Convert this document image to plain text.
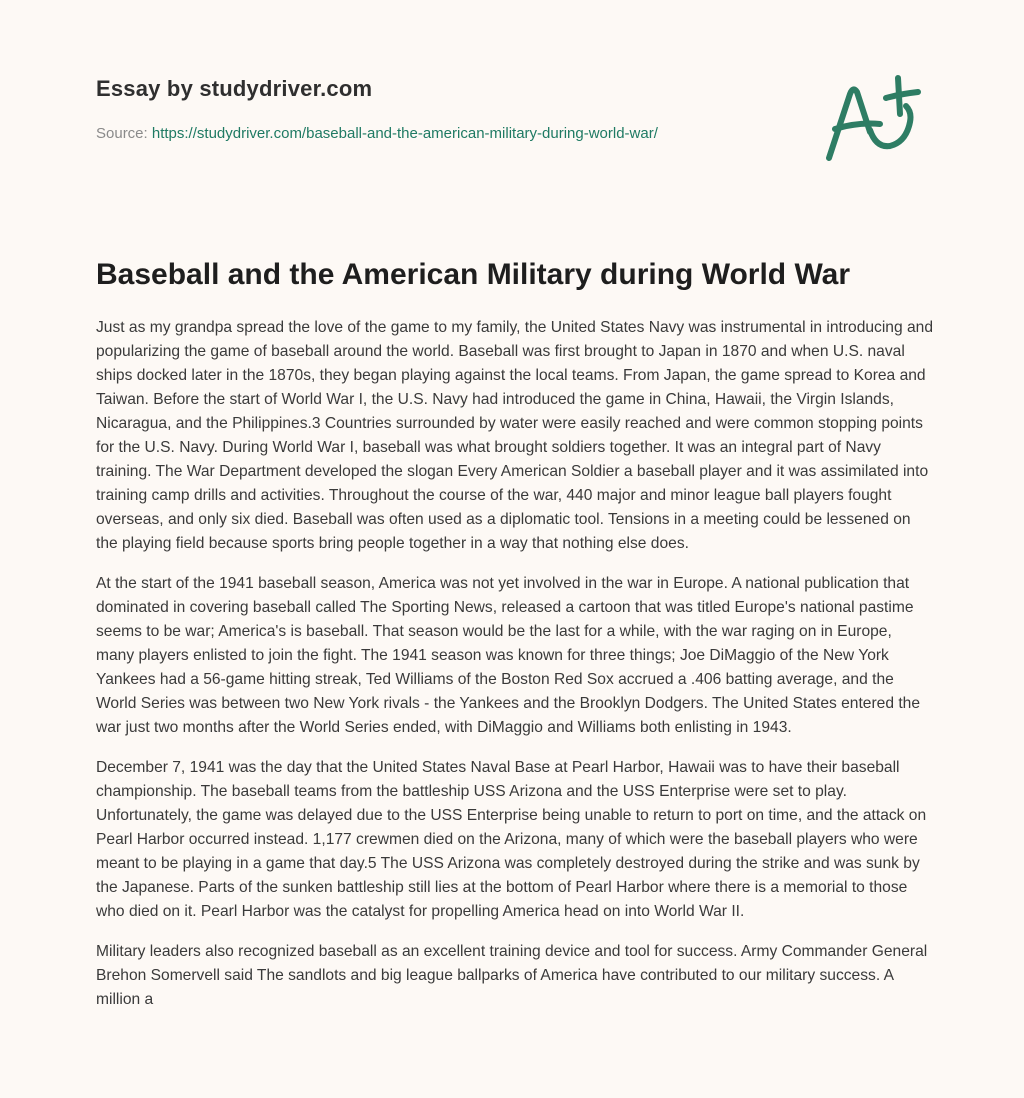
Essay by studydriver.com
Source: https://studydriver.com/baseball-and-the-american-military-during-world-war/
Baseball and the American Military during World War

Just as my grandpa spread the love of the game to my family, the United States Navy was instrumental in introducing and popularizing the game of baseball around the world. Baseball was first brought to Japan in 1870 and when U.S. naval ships docked later in the 1870s, they began playing against the local teams. From Japan, the game spread to Korea and Taiwan. Before the start of World War I, the U.S. Navy had introduced the game in China, Hawaii, the Virgin Islands, Nicaragua, and the Philippines.3 Countries surrounded by water were easily reached and were common stopping points for the U.S. Navy. During World War I, baseball was what brought soldiers together. It was an integral part of Navy training. The War Department developed the slogan Every American Soldier a baseball player and it was assimilated into training camp drills and activities. Throughout the course of the war, 440 major and minor league ball players fought overseas, and only six died. Baseball was often used as a diplomatic tool. Tensions in a meeting could be lessened on the playing field because sports bring people together in a way that nothing else does.

At the start of the 1941 baseball season, America was not yet involved in the war in Europe. A national publication that dominated in covering baseball called The Sporting News, released a cartoon that was titled Europe's national pastime seems to be war; America's is baseball. That season would be the last for a while, with the war raging on in Europe, many players enlisted to join the fight. The 1941 season was known for three things; Joe DiMaggio of the New York Yankees had a 56-game hitting streak, Ted Williams of the Boston Red Sox accrued a .406 batting average, and the World Series was between two New York rivals - the Yankees and the Brooklyn Dodgers. The United States entered the war just two months after the World Series ended, with DiMaggio and Williams both enlisting in 1943.

December 7, 1941 was the day that the United States Naval Base at Pearl Harbor, Hawaii was to have their baseball championship. The baseball teams from the battleship USS Arizona and the USS Enterprise were set to play. Unfortunately, the game was delayed due to the USS Enterprise being unable to return to port on time, and the attack on Pearl Harbor occurred instead. 1,177 crewmen died on the Arizona, many of which were the baseball players who were meant to be playing in a game that day.5 The USS Arizona was completely destroyed during the strike and was sunk by the Japanese. Parts of the sunken battleship still lies at the bottom of Pearl Harbor where there is a memorial to those who died on it. Pearl Harbor was the catalyst for propelling America head on into World War II.

Military leaders also recognized baseball as an excellent training device and tool for success. Army Commander General Brehon Somervell said The sandlots and big league ballparks of America have contributed to our military success. A million a
